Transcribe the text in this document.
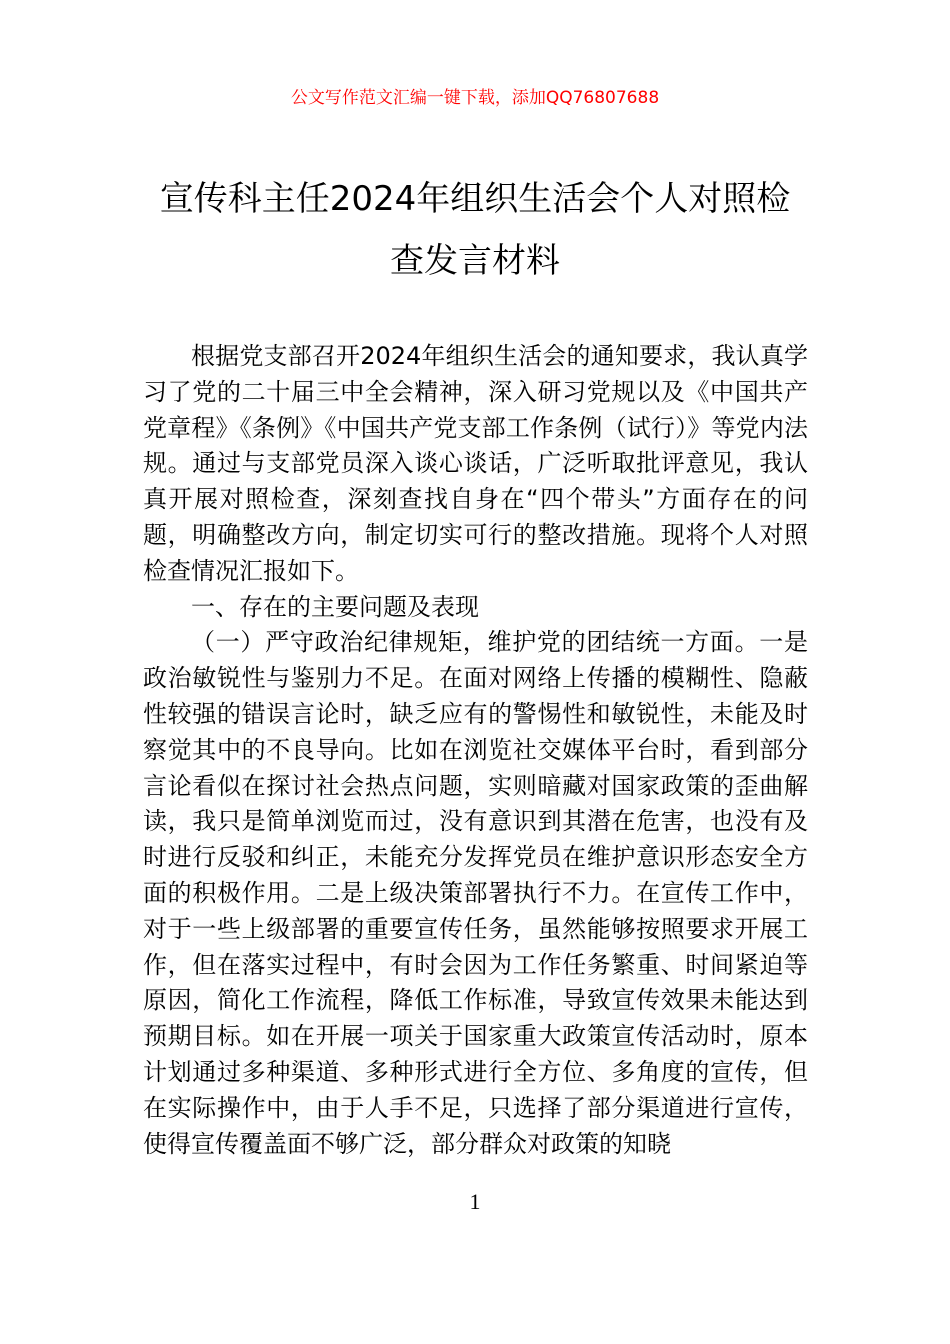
公文写作范文汇编一键下载，添加QQ76807688
宣传科主任2024年组织生活会个人对照检查发言材料

根据党支部召开2024年组织生活会的通知要求，我认真学习了党的二十届三中全会精神，深入研习党规以及《中国共产党章程》《条例》《中国共产党支部工作条例（试行）》等党内法规。通过与支部党员深入谈心谈话，广泛听取批评意见，我认真开展对照检查，深刻查找自身在“四个带头”方面存在的问题，明确整改方向，制定切实可行的整改措施。现将个人对照检查情况汇报如下。

一、存在的主要问题及表现

（一）严守政治纪律规矩，维护党的团结统一方面。一是政治敏锐性与鉴别力不足。在面对网络上传播的模糊性、隐蔽性较强的错误言论时，缺乏应有的警惕性和敏锐性，未能及时察觉其中的不良导向。比如在浏览社交媒体平台时，看到部分言论看似在探讨社会热点问题，实则暗藏对国家政策的歪曲解读，我只是简单浏览而过，没有意识到其潜在危害，也没有及时进行反驳和纠正，未能充分发挥党员在维护意识形态安全方面的积极作用。二是上级决策部署执行不力。在宣传工作中，对于一些上级部署的重要宣传任务，虽然能够按照要求开展工作，但在落实过程中，有时会因为工作任务繁重、时间紧迫等原因，简化工作流程，降低工作标准，导致宣传效果未能达到预期目标。如在开展一项关于国家重大政策宣传活动时，原本计划通过多种渠道、多种形式进行全方位、多角度的宣传，但在实际操作中，由于人手不足，只选择了部分渠道进行宣传，使得宣传覆盖面不够广泛，部分群众对政策的知晓

1
